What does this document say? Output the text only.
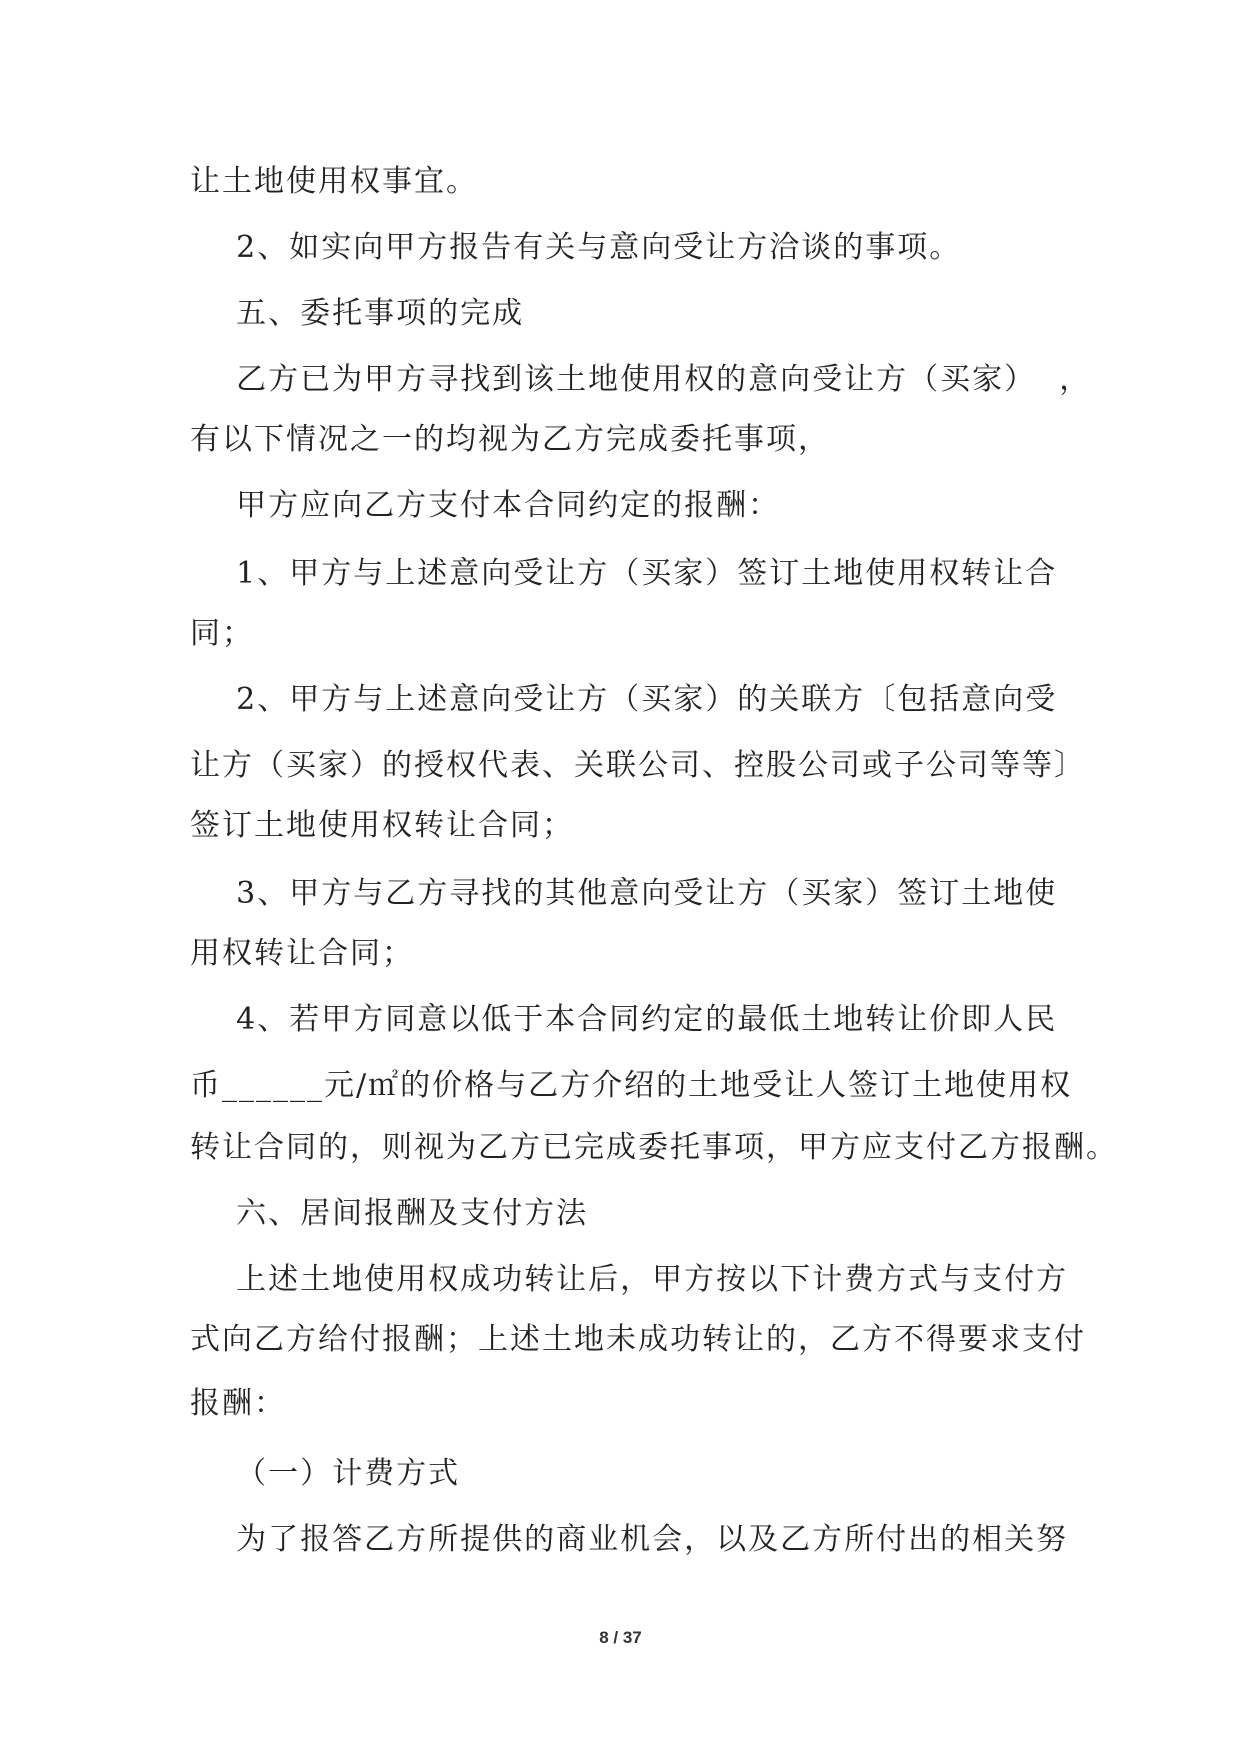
让土地使用权事宜。
2、如实向甲方报告有关与意向受让方洽谈的事项。
五、委托事项的完成
乙方已为甲方寻找到该土地使用权的意向受让方（买家）  ，
有以下情况之一的均视为乙方完成委托事项，
甲方应向乙方支付本合同约定的报酬：
1、甲方与上述意向受让方（买家）签订土地使用权转让合
同；
2、甲方与上述意向受让方（买家）的关联方〔包括意向受
让方（买家）的授权代表、关联公司、控股公司或子公司等等〕
签订土地使用权转让合同；
3、甲方与乙方寻找的其他意向受让方（买家）签订土地使
用权转让合同；
4、若甲方同意以低于本合同约定的最低土地转让价即人民
币______元/㎡的价格与乙方介绍的土地受让人签订土地使用权
转让合同的，则视为乙方已完成委托事项，甲方应支付乙方报酬。
六、居间报酬及支付方法
上述土地使用权成功转让后，甲方按以下计费方式与支付方
式向乙方给付报酬；上述土地未成功转让的，乙方不得要求支付
报酬：
（一）计费方式
为了报答乙方所提供的商业机会，以及乙方所付出的相关努
8 / 37
